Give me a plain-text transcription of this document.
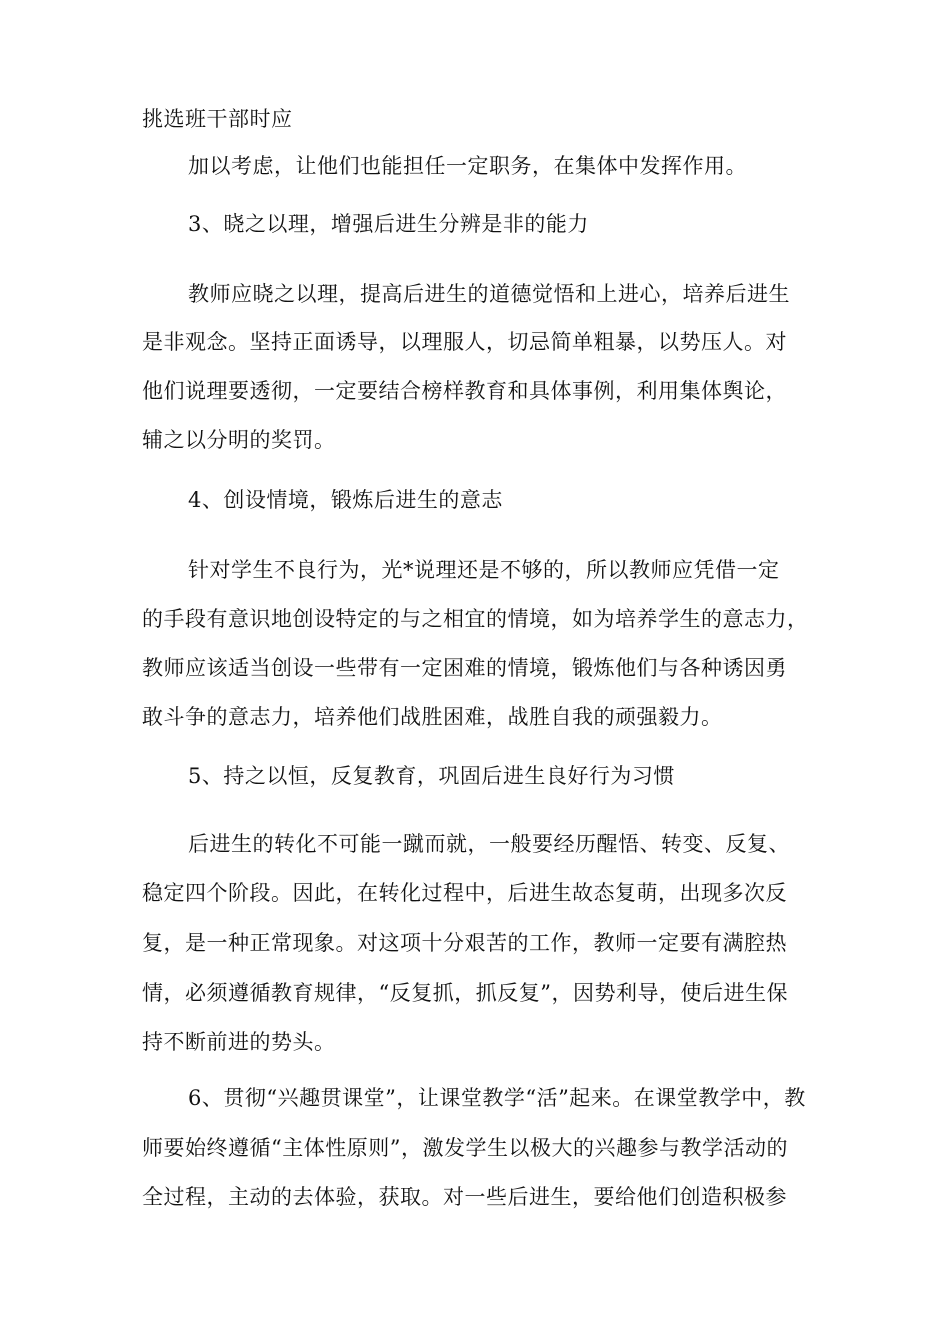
挑选班干部时应
加以考虑，让他们也能担任一定职务，在集体中发挥作用。
3、晓之以理，增强后进生分辨是非的能力
教师应晓之以理，提高后进生的道德觉悟和上进心，培养后进生
是非观念。坚持正面诱导，以理服人，切忌简单粗暴，以势压人。对
他们说理要透彻，一定要结合榜样教育和具体事例，利用集体舆论，
辅之以分明的奖罚。
4、创设情境，锻炼后进生的意志
针对学生不良行为，光*说理还是不够的，所以教师应凭借一定
的手段有意识地创设特定的与之相宜的情境，如为培养学生的意志力，
教师应该适当创设一些带有一定困难的情境，锻炼他们与各种诱因勇
敢斗争的意志力，培养他们战胜困难，战胜自我的顽强毅力。
5、持之以恒，反复教育，巩固后进生良好行为习惯
后进生的转化不可能一蹴而就，一般要经历醒悟、转变、反复、
稳定四个阶段。因此，在转化过程中，后进生故态复萌，出现多次反
复，是一种正常现象。对这项十分艰苦的工作，教师一定要有满腔热
情，必须遵循教育规律，“反复抓，抓反复”，因势利导，使后进生保
持不断前进的势头。
6、贯彻“兴趣贯课堂”，让课堂教学“活”起来。在课堂教学中，教
师要始终遵循“主体性原则”，激发学生以极大的兴趣参与教学活动的
全过程，主动的去体验，获取。对一些后进生，要给他们创造积极参
